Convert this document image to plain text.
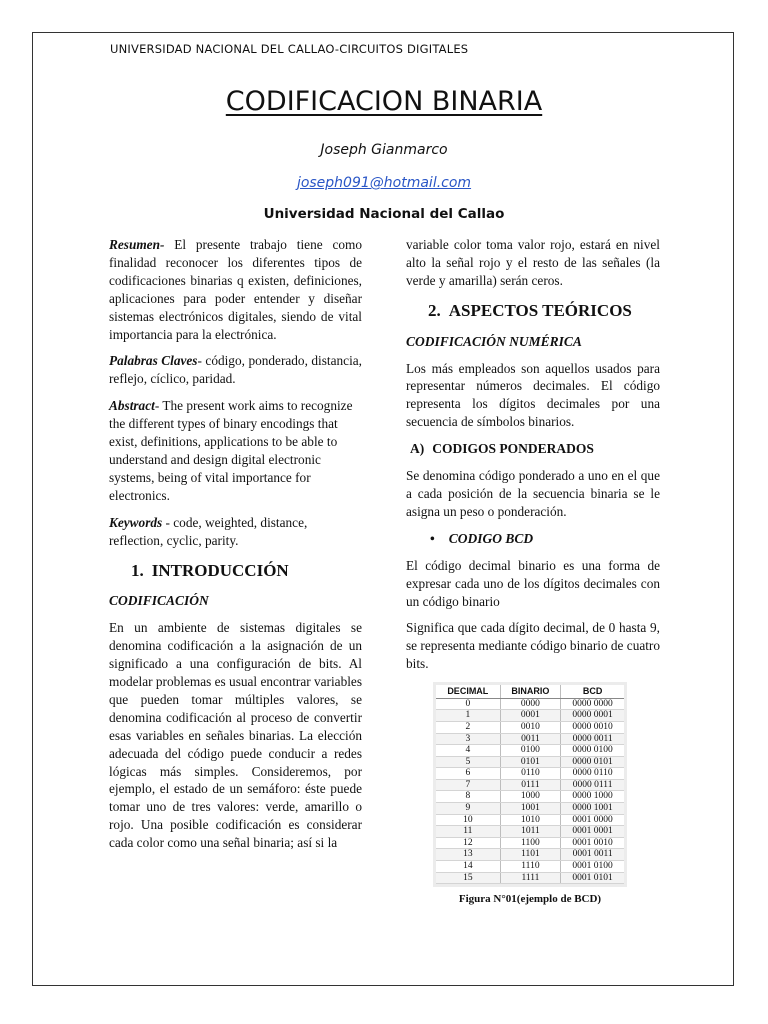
UNIVERSIDAD NACIONAL DEL CALLAO-CIRCUITOS DIGITALES
CODIFICACION BINARIA
Joseph Gianmarco
joseph091@hotmail.com
Universidad Nacional del Callao

Resumen- El presente trabajo tiene como finalidad reconocer los diferentes tipos de codificaciones binarias q existen, definiciones, aplicaciones para poder entender y diseñar sistemas electrónicos digitales, siendo de vital importancia para la electrónica.

Palabras Claves- código, ponderado, distancia, reflejo, cíclico, paridad.

Abstract- The present work aims to recognize the different types of binary encodings that exist, definitions, applications to be able to understand and design digital electronic systems, being of vital importance for electronics.

Keywords - code, weighted, distance, reflection, cyclic, parity.

1. INTRODUCCIÓN
CODIFICACIÓN

En un ambiente de sistemas digitales se denomina codificación a la asignación de un significado a una configuración de bits. Al modelar problemas es usual encontrar variables que pueden tomar múltiples valores, se denomina codificación al proceso de convertir esas variables en señales binarias. La elección adecuada del código puede conducir a redes lógicas más simples. Consideremos, por ejemplo, el estado de un semáforo: éste puede tomar uno de tres valores: verde, amarillo o rojo. Una posible codificación es considerar cada color como una señal binaria; así si la

variable color toma valor rojo, estará en nivel alto la señal rojo y el resto de las señales (la verde y amarilla) serán ceros.

2. ASPECTOS TEÓRICOS
CODIFICACIÓN NUMÉRICA

Los más empleados son aquellos usados para representar números decimales. El código representa los dígitos decimales por una secuencia de símbolos binarios.

A) CODIGOS PONDERADOS

Se denomina código ponderado a uno en el que a cada posición de la secuencia binaria se le asigna un peso o ponderación.

• CODIGO BCD

El código decimal binario es una forma de expresar cada uno de los dígitos decimales con un código binario

Significa que cada dígito decimal, de 0 hasta 9, se representa mediante código binario de cuatro bits.

DECIMAL	BINARIO	BCD
0	0000	0000 0000
1	0001	0000 0001
2	0010	0000 0010
3	0011	0000 0011
4	0100	0000 0100
5	0101	0000 0101
6	0110	0000 0110
7	0111	0000 0111
8	1000	0000 1000
9	1001	0000 1001
10	1010	0001 0000
11	1011	0001 0001
12	1100	0001 0010
13	1101	0001 0011
14	1110	0001 0100
15	1111	0001 0101
Figura N°01(ejemplo de BCD)
